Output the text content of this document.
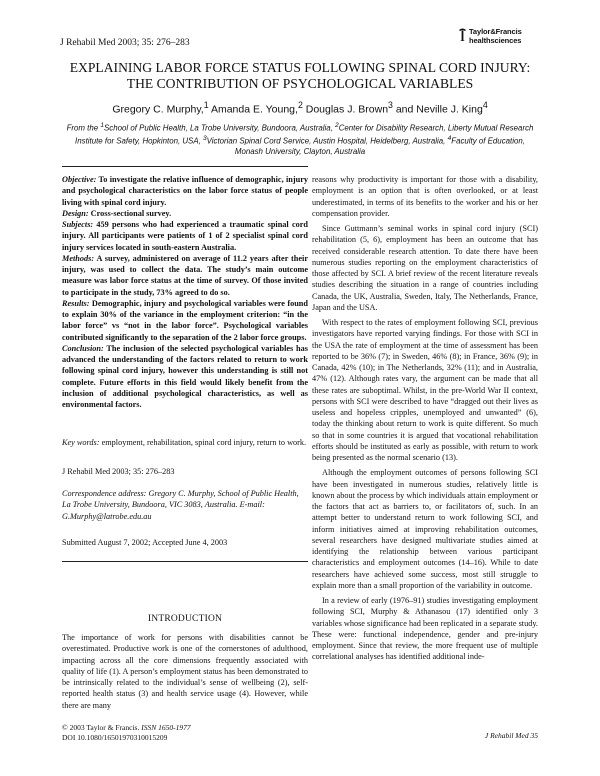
J Rehabil Med 2003; 35: 276–283
Taylor&Francis
healthsciences
EXPLAINING LABOR FORCE STATUS FOLLOWING SPINAL CORD INJURY:
THE CONTRIBUTION OF PSYCHOLOGICAL VARIABLES
Gregory C. Murphy,$^1$ Amanda E. Young,$^2$ Douglas J. Brown$^3$ and Neville J. King$^4$
From the $^1$School of Public Health, La Trobe University, Bundoora, Australia, $^2$Center for Disability Research, Liberty Mutual Research Institute for Safety, Hopkinton, USA, $^3$Victorian Spinal Cord Service, Austin Hospital, Heidelberg, Australia, $^4$Faculty of Education, Monash University, Clayton, Australia

Objective: To investigate the relative influence of demographic, injury and psychological characteristics on the labor force status of people living with spinal cord injury.

Design: Cross-sectional survey.

Subjects: 459 persons who had experienced a traumatic spinal cord injury. All participants were patients of 1 of 2 specialist spinal cord injury services located in south-eastern Australia.

Methods: A survey, administered on average of 11.2 years after their injury, was used to collect the data. The study’s main outcome measure was labor force status at the time of survey. Of those invited to participate in the study, 73% agreed to do so.

Results: Demographic, injury and psychological variables were found to explain 30% of the variance in the employment criterion: “in the labor force” vs “not in the labor force”. Psychological variables contributed significantly to the separation of the 2 labor force groups.

Conclusion: The inclusion of the selected psychological variables has advanced the understanding of the factors related to return to work following spinal cord injury, however this understanding is still not complete. Future efforts in this field would likely benefit from the inclusion of additional psychological characteristics, as well as environmental factors.

Key words: employment, rehabilitation, spinal cord injury, return to work.
J Rehabil Med 2003; 35: 276–283
Correspondence address: Gregory C. Murphy, School of Public Health, La Trobe University, Bundoora, VIC 3083, Australia. E-mail: G.Murphy@latrobe.edu.au
Submitted August 7, 2002; Accepted June 4, 2003
INTRODUCTION

The importance of work for persons with disabilities cannot be overestimated. Productive work is one of the cornerstones of adulthood, impacting across all the core dimensions frequently associated with quality of life (1). A person’s employment status has been demonstrated to be intrinsically related to the individual’s sense of wellbeing (2), self-reported health status (3) and health service usage (4). However, while there are many

reasons why productivity is important for those with a disability, employment is an option that is often overlooked, or at least underestimated, in terms of its benefits to the worker and his or her compensation provider.

Since Guttmann’s seminal works in spinal cord injury (SCI) rehabilitation (5, 6), employment has been an outcome that has received considerable research attention. To date there have been numerous studies reporting on the employment characteristics of those affected by SCI. A brief review of the recent literature reveals studies describing the situation in a range of countries including Canada, the UK, Australia, Sweden, Italy, The Netherlands, France, Japan and the USA.

With respect to the rates of employment following SCI, previous investigators have reported varying findings. For those with SCI in the USA the rate of employment at the time of assessment has been reported to be 36% (7); in Sweden, 46% (8); in France, 36% (9); in Canada, 42% (10); in The Netherlands, 32% (11); and in Australia, 47% (12). Although rates vary, the argument can be made that all these rates are suboptimal. Whilst, in the pre-World War II context, persons with SCI were described to have “dragged out their lives as useless and hopeless cripples, unemployed and unwanted” (6), today the thinking about return to work is quite different. So much so that in some countries it is argued that vocational rehabilitation efforts should be instituted as early as possible, with return to work being presented as the normal scenario (13).

Although the employment outcomes of persons following SCI have been investigated in numerous studies, relatively little is known about the process by which individuals attain employment or the factors that act as barriers to, or facilitators of, such. In an attempt better to understand return to work following SCI, and inform initiatives aimed at improving rehabilitation outcomes, several researchers have designed multivariate studies aimed at identifying the relationship between various participant characteristics and employment outcomes (14–16). While to date researchers have achieved some success, most still struggle to explain more than a small proportion of the variability in outcome.

In a review of early (1976–91) studies investigating employment following SCI, Murphy & Athanasou (17) identified only 3 variables whose significance had been replicated in a separate study. These were: functional independence, gender and pre-injury employment. Since that review, the more frequent use of multiple correlational analyses has identified additional inde-

© 2003 Taylor & Francis. ISSN 1650-1977
DOI 10.1080/16501970310015209	J Rehabil Med 35
